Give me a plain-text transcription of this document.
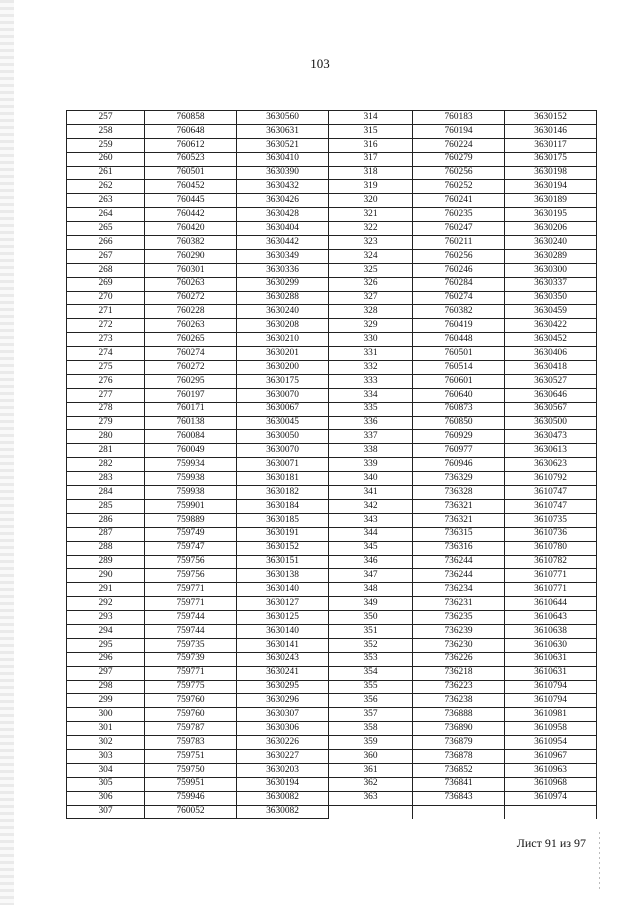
103
257	760858	3630560	314	760183	3630152
258	760648	3630631	315	760194	3630146
259	760612	3630521	316	760224	3630117
260	760523	3630410	317	760279	3630175
261	760501	3630390	318	760256	3630198
262	760452	3630432	319	760252	3630194
263	760445	3630426	320	760241	3630189
264	760442	3630428	321	760235	3630195
265	760420	3630404	322	760247	3630206
266	760382	3630442	323	760211	3630240
267	760290	3630349	324	760256	3630289
268	760301	3630336	325	760246	3630300
269	760263	3630299	326	760284	3630337
270	760272	3630288	327	760274	3630350
271	760228	3630240	328	760382	3630459
272	760263	3630208	329	760419	3630422
273	760265	3630210	330	760448	3630452
274	760274	3630201	331	760501	3630406
275	760272	3630200	332	760514	3630418
276	760295	3630175	333	760601	3630527
277	760197	3630070	334	760640	3630646
278	760171	3630067	335	760873	3630567
279	760138	3630045	336	760850	3630500
280	760084	3630050	337	760929	3630473
281	760049	3630070	338	760977	3630613
282	759934	3630071	339	760946	3630623
283	759938	3630181	340	736329	3610792
284	759938	3630182	341	736328	3610747
285	759901	3630184	342	736321	3610747
286	759889	3630185	343	736321	3610735
287	759749	3630191	344	736315	3610736
288	759747	3630152	345	736316	3610780
289	759756	3630151	346	736244	3610782
290	759756	3630138	347	736244	3610771
291	759771	3630140	348	736234	3610771
292	759771	3630127	349	736231	3610644
293	759744	3630125	350	736235	3610643
294	759744	3630140	351	736239	3610638
295	759735	3630141	352	736230	3610630
296	759739	3630243	353	736226	3610631
297	759771	3630241	354	736218	3610631
298	759775	3630295	355	736223	3610794
299	759760	3630296	356	736238	3610794
300	759760	3630307	357	736888	3610981
301	759787	3630306	358	736890	3610958
302	759783	3630226	359	736879	3610954
303	759751	3630227	360	736878	3610967
304	759750	3630203	361	736852	3610963
305	759951	3630194	362	736841	3610968
306	759946	3630082	363	736843	3610974
307	760052	3630082			
Лист 91 из 97
